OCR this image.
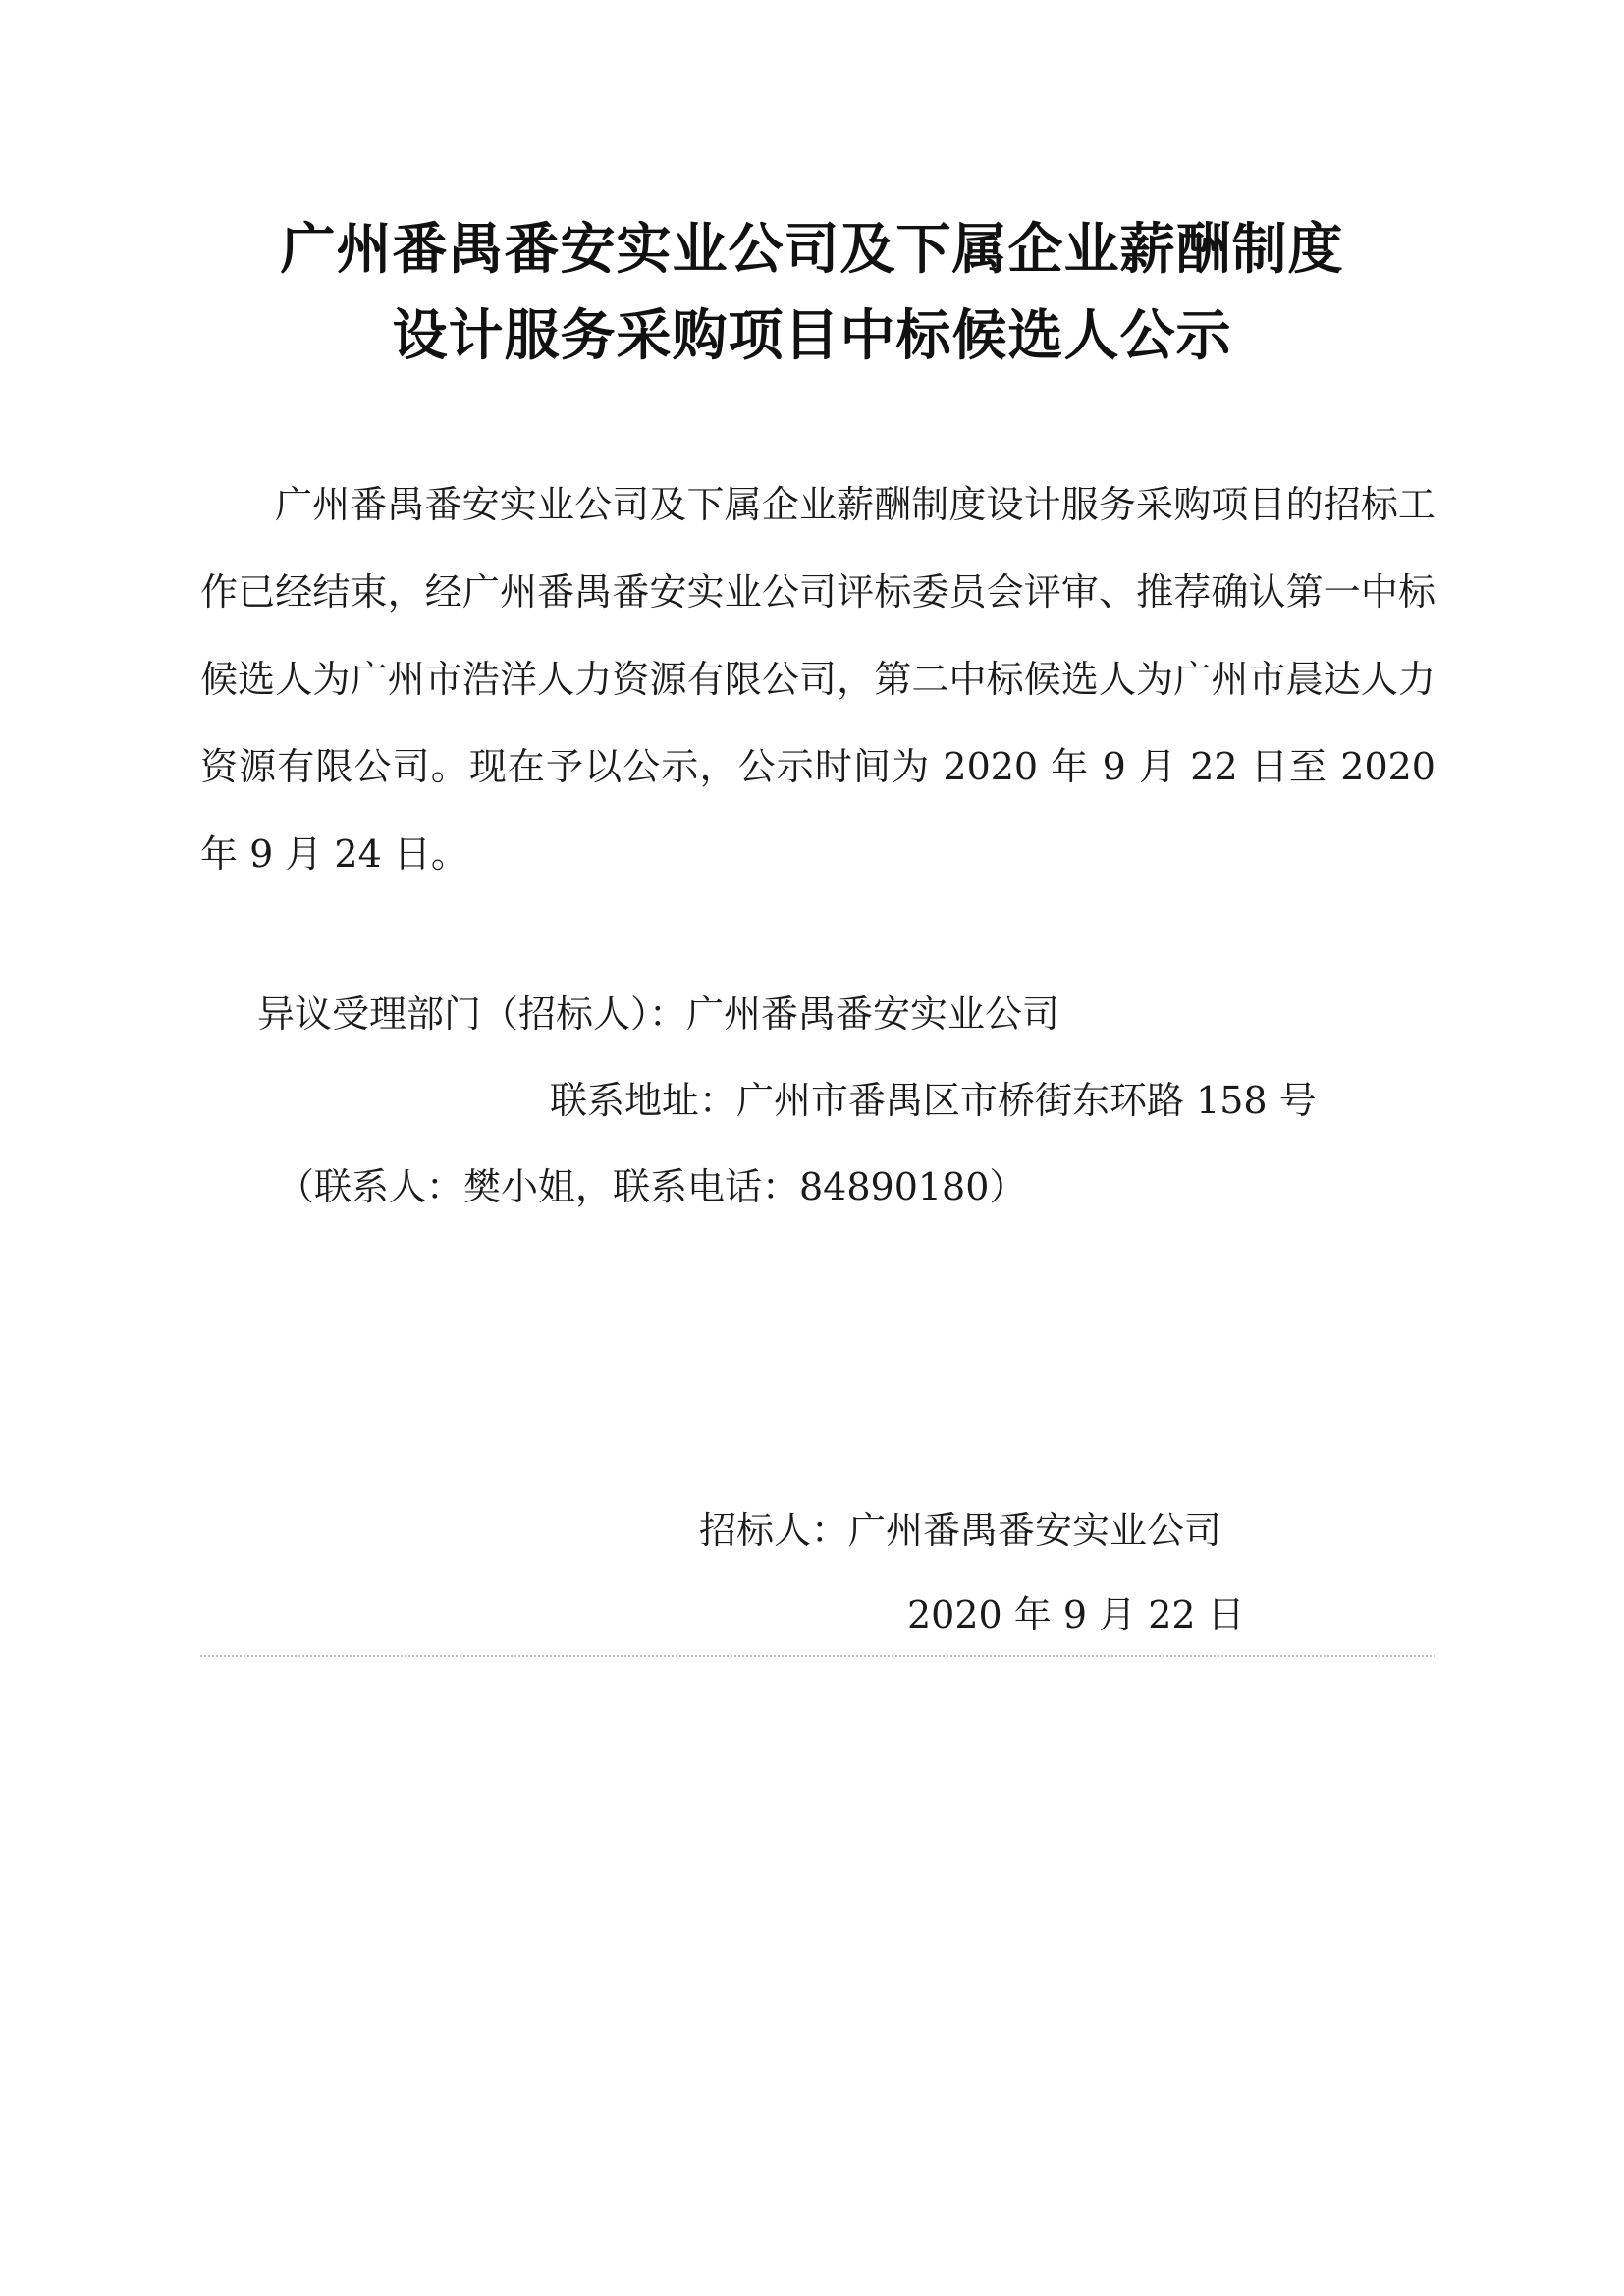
广州番禺番安实业公司及下属企业薪酬制度
设计服务采购项目中标候选人公示

广州番禺番安实业公司及下属企业薪酬制度设计服务采购项目的招标工作已经结束，经广州番禺番安实业公司评标委员会评审、推荐确认第一中标候选人为广州市浩洋人力资源有限公司，第二中标候选人为广州市晨达人力资源有限公司。现在予以公示，公示时间为 2020 年 9 月 22 日至 2020 年 9 月 24 日。

异议受理部门（招标人）：广州番禺番安实业公司

联系地址：广州市番禺区市桥街东环路 158 号

（联系人：樊小姐，联系电话：84890180）

招标人：广州番禺番安实业公司

2020 年 9 月 22 日
